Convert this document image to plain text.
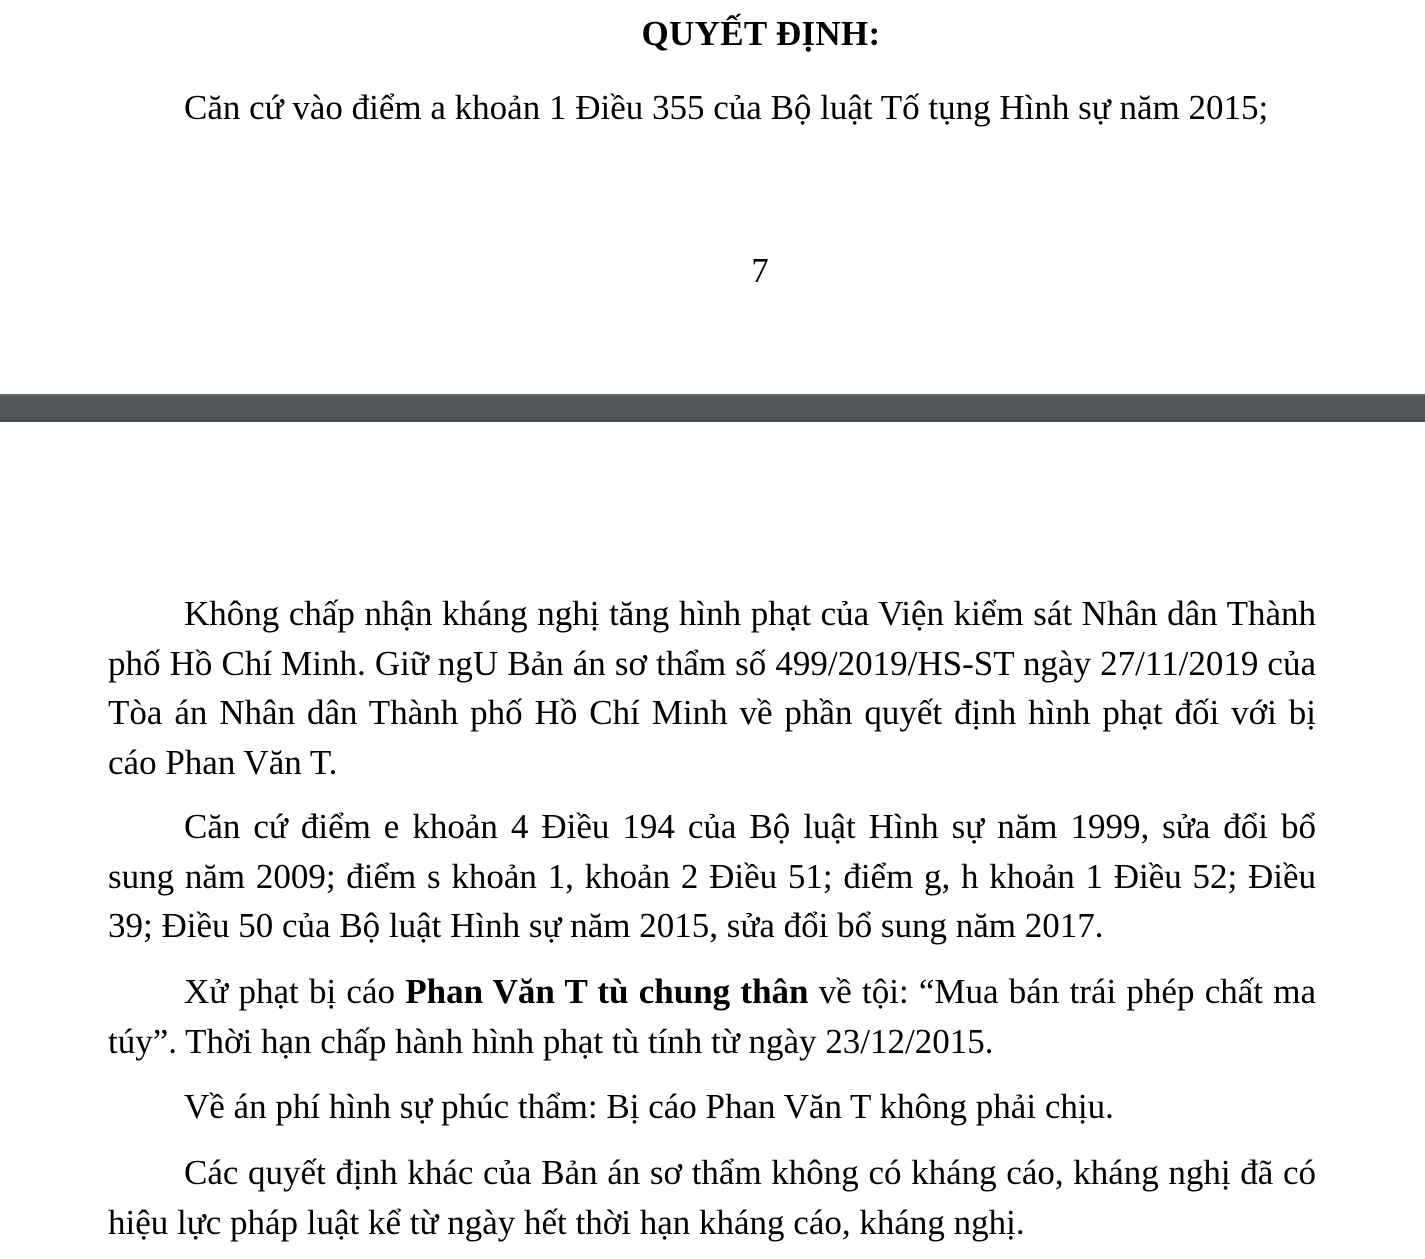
QUYẾT ĐỊNH:

Căn cứ vào điểm a khoản 1 Điều 355 của Bộ luật Tố tụng Hình sự năm 2015;

7

Không chấp nhận kháng nghị tăng hình phạt của Viện kiểm sát Nhân dân Thành phố Hồ Chí Minh. Giữ ngU Bản án sơ thẩm số 499/2019/HS-ST ngày 27/11/2019 của Tòa án Nhân dân Thành phố Hồ Chí Minh về phần quyết định hình phạt đối với bị cáo Phan Văn T.

Căn cứ điểm e khoản 4 Điều 194 của Bộ luật Hình sự năm 1999, sửa đổi bổ sung năm 2009; điểm s khoản 1, khoản 2 Điều 51; điểm g, h khoản 1 Điều 52; Điều 39; Điều 50 của Bộ luật Hình sự năm 2015, sửa đổi bổ sung năm 2017.

Xử phạt bị cáo Phan Văn T tù chung thân về tội: “Mua bán trái phép chất ma túy”. Thời hạn chấp hành hình phạt tù tính từ ngày 23/12/2015.

Về án phí hình sự phúc thẩm: Bị cáo Phan Văn T không phải chịu.

Các quyết định khác của Bản án sơ thẩm không có kháng cáo, kháng nghị đã có hiệu lực pháp luật kể từ ngày hết thời hạn kháng cáo, kháng nghị.
